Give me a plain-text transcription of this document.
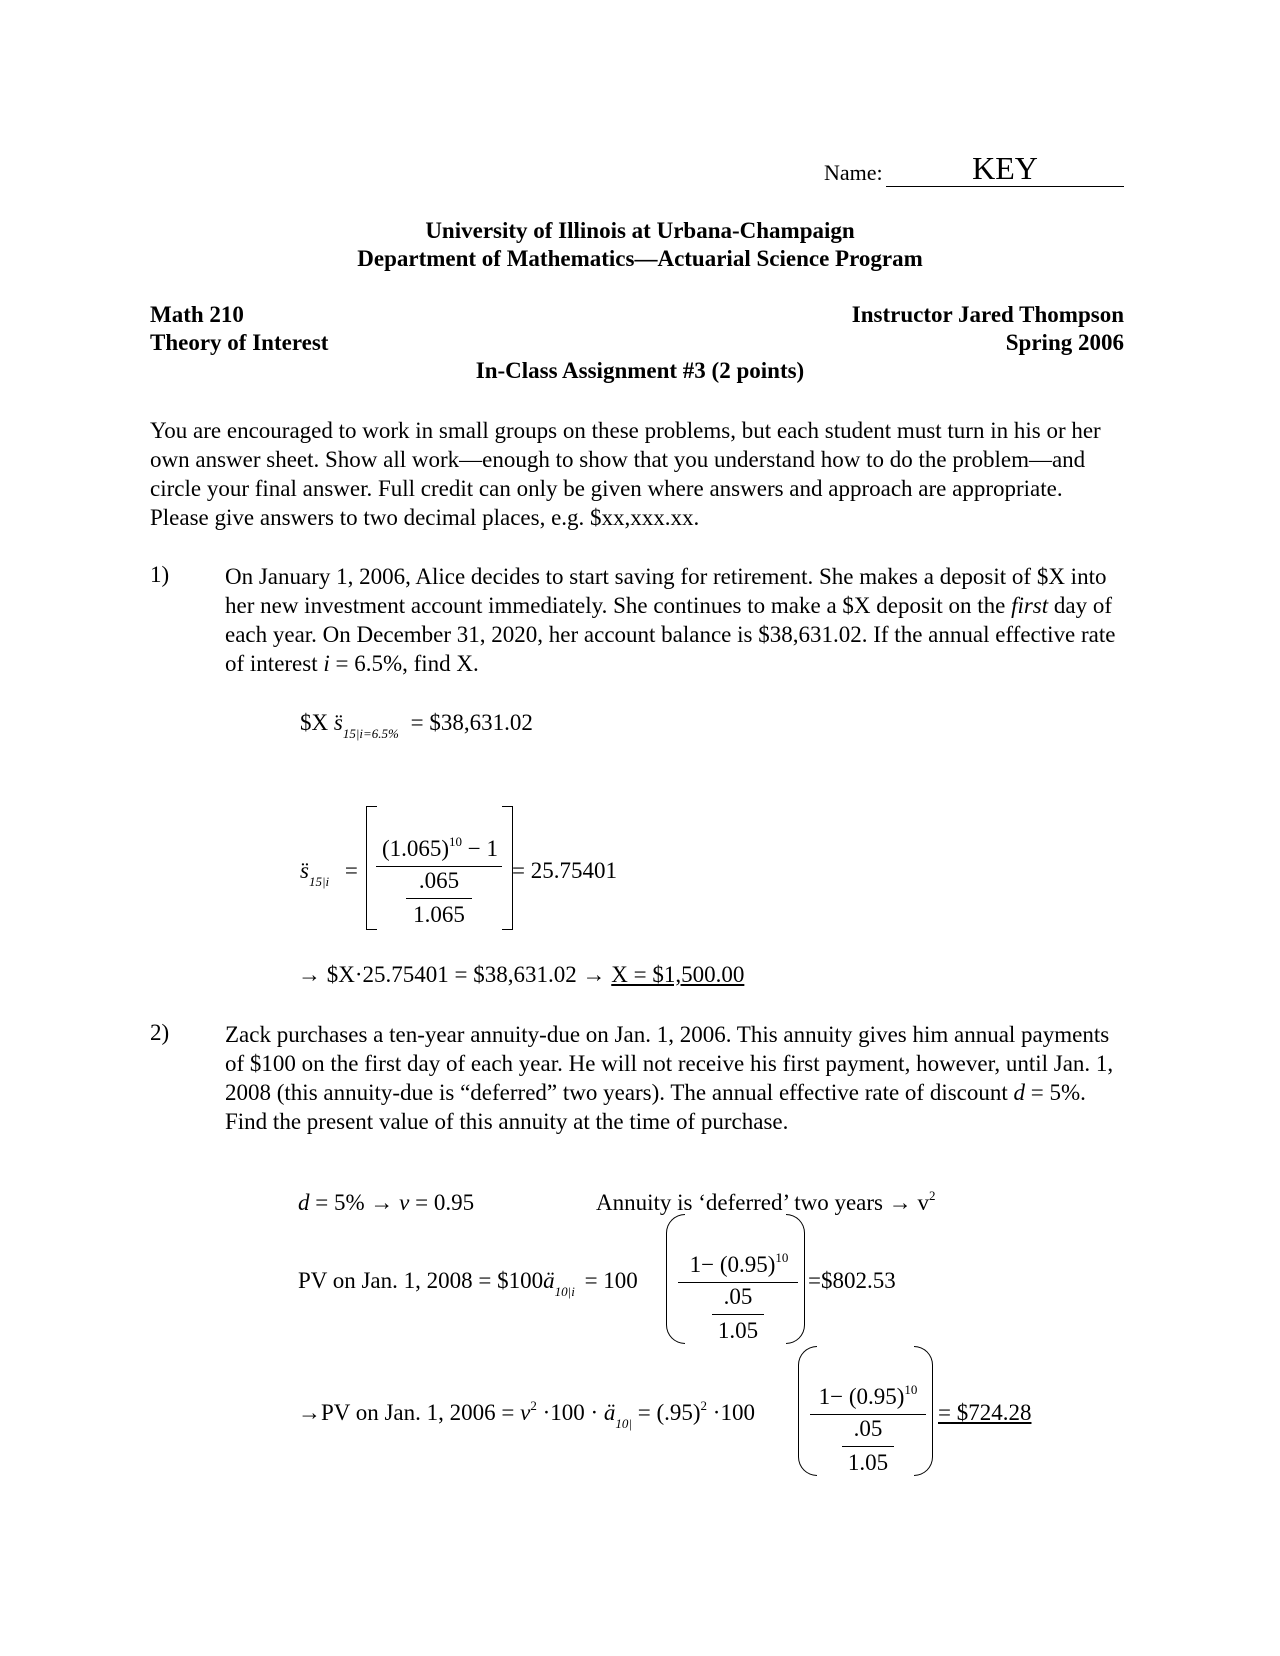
Name:	KEY
University of Illinois at Urbana-Champaign
Department of Mathematics—Actuarial Science Program
Math 210
Theory of Interest
Instructor Jared Thompson
Spring 2006
In-Class Assignment #3 (2 points)
You are encouraged to work in small groups on these problems, but each student must turn in his or her own answer sheet. Show all work—enough to show that you understand how to do the problem—and circle your final answer. Full credit can only be given where answers and approach are appropriate. Please give answers to two decimal places, e.g. $xx,xxx.xx.
1) On January 1, 2006, Alice decides to start saving for retirement. She makes a deposit of $X into her new investment account immediately. She continues to make a $X deposit on the first day of each year. On December 31, 2020, her account balance is $38,631.02. If the annual effective rate of interest i = 6.5%, find X.
$X $s̈_{15|i=6.5\%}$ = $38,631.02
$s̈_{15|i}$ =
$(1.065)^{10} - 1$
.065
1.065
= 25.75401
→ $X·25.75401 = $38,631.02 → X = $1,500.00
2) Zack purchases a ten-year annuity-due on Jan. 1, 2006. This annuity gives him annual payments of $100 on the first day of each year. He will not receive his first payment, however, until Jan. 1, 2008 (this annuity-due is “deferred” two years). The annual effective rate of discount d = 5%. Find the present value of this annuity at the time of purchase.
d = 5% → v = 0.95	Annuity is ‘deferred’ two years → $v^2$
PV on Jan. 1, $2008 = \$100ä_{10|i} = 100$
$1- (0.95)^{10}$
.05
1.05
=$802.53
→PV on Jan. 1, $2006 = v^2 \cdot 100$ · $ä_{10|} = (.95)^2 \cdot 100$
$1- (0.95)^{10}$
.05
1.05
= $724.28
